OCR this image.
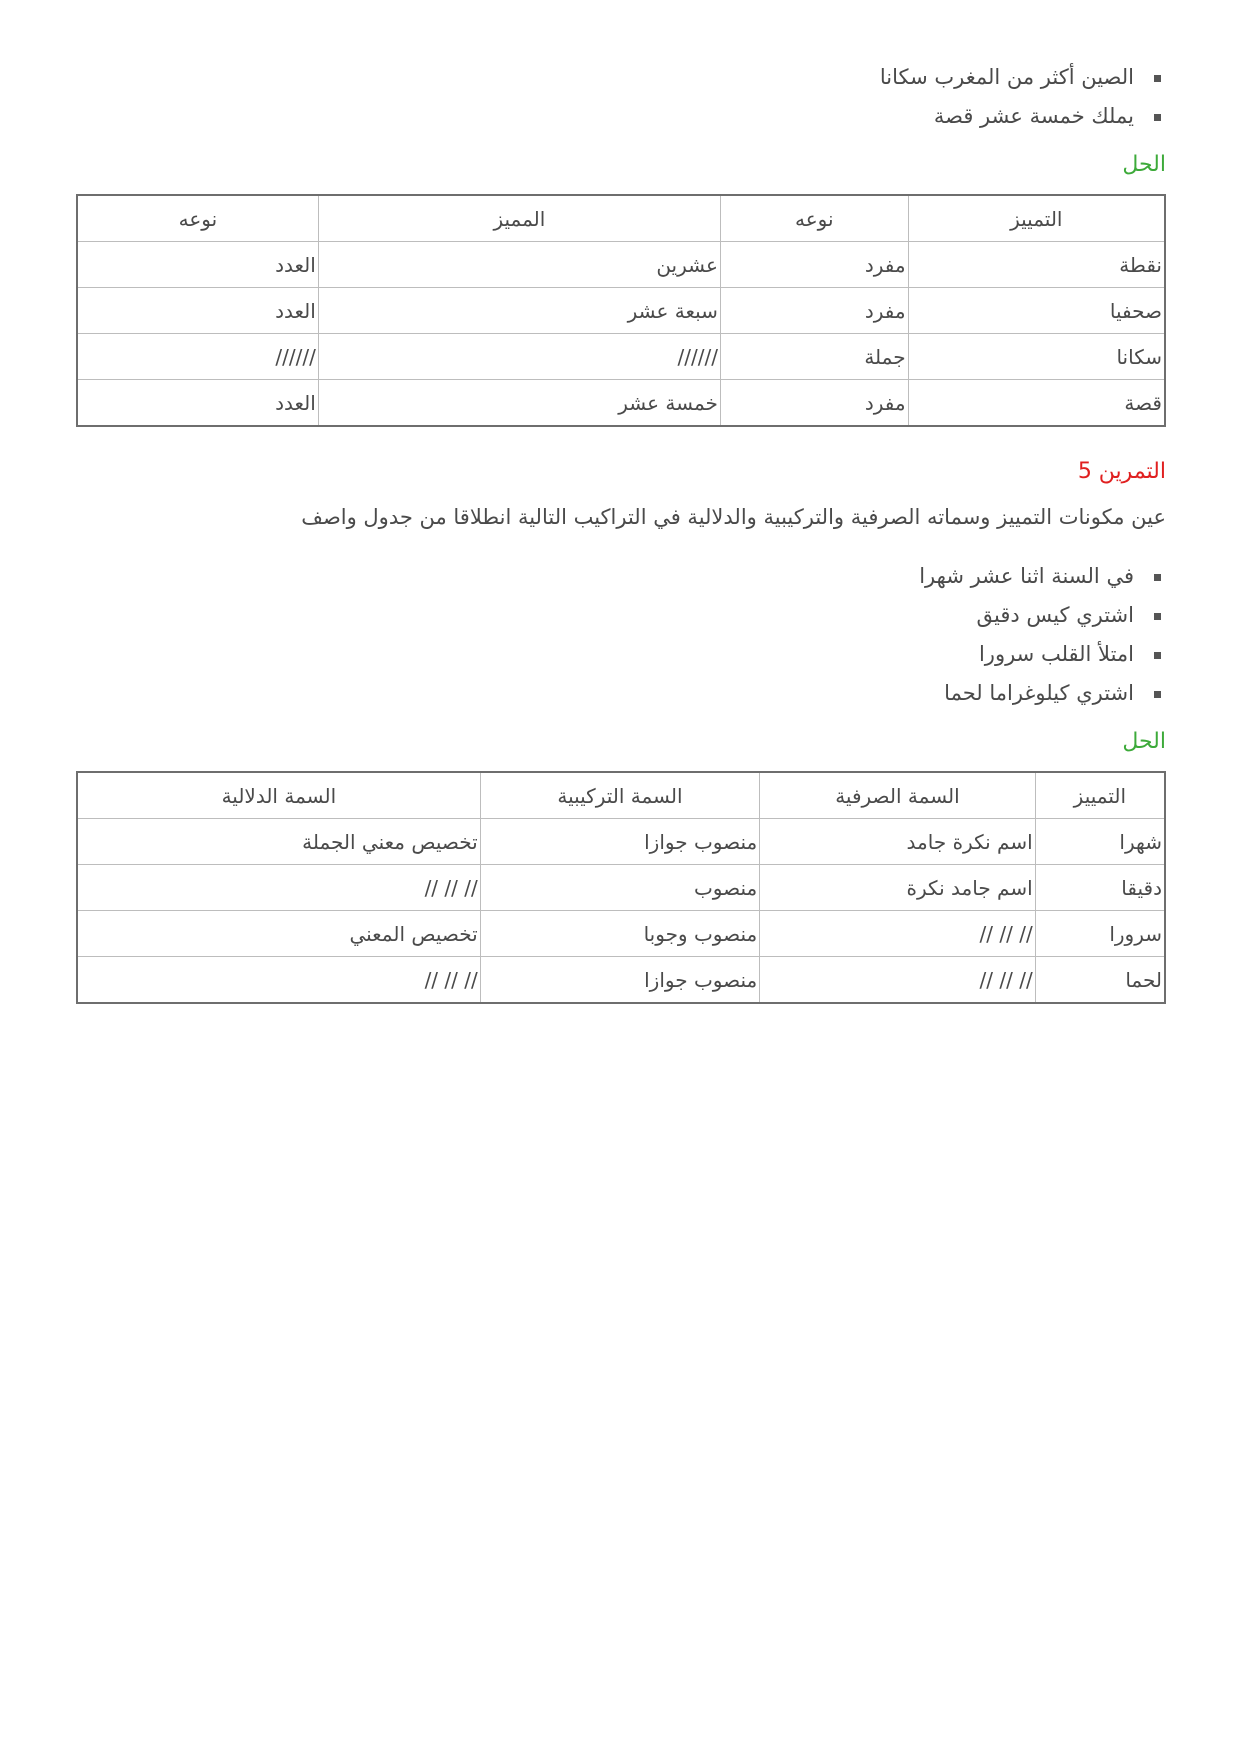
الصين أكثر من المغرب سكانا
يملك خمسة عشر قصة
الحل
التمييز	نوعه	المميز	نوعه
نقطة	مفرد	عشرين	العدد
صحفيا	مفرد	سبعة عشر	العدد
سكانا	جملة	//////	//////
قصة	مفرد	خمسة عشر	العدد
التمرين 5
عين مكونات التمييز وسماته الصرفية والتركيبية والدلالية في التراكيب التالية انطلاقا من جدول واصف
في السنة اثنا عشر شهرا
اشتري كيس دقيق
امتلأ القلب سرورا
اشتري كيلوغراما لحما
الحل
التمييز	السمة الصرفية	السمة التركيبية	السمة الدلالية
شهرا	اسم نكرة جامد	منصوب جوازا	تخصيص معني الجملة
دقيقا	اسم جامد نكرة	منصوب	// // //
سرورا	// // //	منصوب وجوبا	تخصيص المعني
لحما	// // //	منصوب جوازا	// // //
